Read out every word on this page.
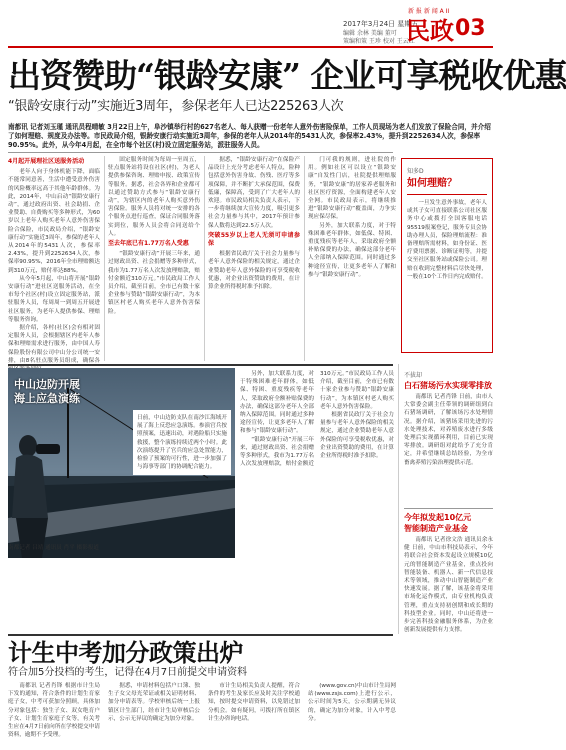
新 报 新 闻 A II
2017年3月24日 星期五
编辑 余林 美编 董可
策编和策 王珍 校对 王云红
民政 03
出资赞助“银龄安康” 企业可享税收优惠
“银龄安康行动”实施近3周年，参保老年人已达225263人次
南都讯 记者刘玉瑾 通讯员程晴敏 3月22日上午，阜沙镇举行村的627名老人、每人获赠一份老年人意外伤害险保单，工作人员现场为老人们发放了保险合同，并介绍了如何理赔、规度及办法等。市民政局介绍，银龄安康行动实施近3周年，参保的老年人从2014年的5431人次，参保率2.43%，提升到2252634人次，参保率90.95%。此外，从今年4月起，在全市每个社区(村)设立固定服务站，派驻服务人员。

4月起开展理社区送服务活动

老年人向于身体机能下降，面临不能常同意善，生活中遭受意外伤害的风险概率远高于其他年龄群体。为此，2014年，中山启动“银龄安康行动”，通过政府出资、社会助捐、企业赞助、自费购买等多种形式，为60岁以上老年人购买老年人意外伤害保险合保险，市民政局介绍，“银龄安康行动”实施近3周年，参保的老年人从2014年的5431人次，参保率2.43%，提升到2252634人次，参保率90.95%，2016年全市理赔额达到310万元，赔付率达88%。

从今年5月起，中山将开展“银龄安康行动”进社区送服务活动，在全市每个社区(村)设立固定服务站，派驻服务人员，每周周一到周五开展进社区服务，为老年人提供参保、理赔等服务咨询。

据介绍，各村(社区)会有相对固定服务人员，会根据辖区内老年人参保和理赔需求进行服务，由中国人寿保险股份有限公司中山分公司统一安排，由8名驻点服务员组成，确保各

固定服务时间为每周一至周五，驻点服务站将设在社区(村)，为老人提供参保咨询、理赔申报、政策宣传等服务。据悉，社会各界和企业都可以通过赞助方式参与“银龄安康行动”，为辖区内的老年人购买意外伤害保险。服务人员将对统一安排的各个服务点进行巡查，保证合同服务落实到位，服务人员会将合同送给个人。

至去年底已有1.77万名人受惠

“银龄安康行动”开展三年来，通过财政出资、社会捐赠等多种形式，我市为1.77万名人次发放理赔款，赔付金额近310万元。”市民政局工作人员介绍，截至目前，全市已有数十家企业参与赞助“银龄安康行动”，为本镇区村老人购买老年人意外伤害保险。

据悉，“银龄安康行动”在保险产品设计上充分考虑老年人特点，险种包括意外伤害身故、伤残、医疗等多项保障，并不断扩大承保范围，保费低廉，保障高，受到了广大老年人的欢迎。市民政局相关负责人表示，下一步将继续加大宣传力度，吸引更多社会力量参与其中，2017年预计参保人数将达到22.5万人次。

突破55岁以上老人无须可申请参保

根据省民政厅关于社会力量参与老年人意外保险的相关规定，通过企业赞助老年人意外保险的可享受税收优惠，对企业出资赞助的费用，在计算企业所得税时准予扣除。

门可我的规则，进社院的作用。例如社区可以设立“银龄安康”自发性门店，社院提供理赔服务，“银龄安康”的居家养老服务和社区医疗资源，全面构建老年人安全网。市民政局表示，将继续推进“银龄安康行动”覆盖面，力争实现应保尽保。

另外，加大联系力度，对于特殊困难老年群体，如低保、特困、重度残疾等老年人，采取政府全额补贴保费的办法，确保这部分老年人全部纳入保障范围。同时通过多种途径宣传，让更多老年人了解和参与“银龄安康行动”。

知多D
如何理赔？
一旦发生意外事故，老年人或其子女可直接联系公司社区服务中心或拨打全国客服电话95519报案登记，服务专员会协助办理人员，保险理赔流程：准备理赔所需材料，如身份证、医疗费用票据、诊断证明等，并提交至社区服务站或保险公司。理赔在收到完整材料后尽快处理，一般在10个工作日内完成赔付。
中山边防开展
海上应急演练
日前，中山边防支队在南沙江海域开展了海上反恐应急演练。参演官兵按照预案，迅速出动，对遇险船只实施救援，整个演练持续近两个小时。此次演练提升了官兵的应急处置能力，检验了预案的可行性，进一步加强了与海事等部门的协调配合能力。
南都记者 吕靖 通讯员 肖平 摄影报道
不拔却
白石猪场污水实现零排放

南都讯 记者肖锋 日前，由市人大常委会副主任带领的调研组到白石猪场调研，了解该场污水处理情况。据介绍，该猪场采用先进的污水处理技术，对养殖废水进行多级处理后实现循环利用，目前已实现零排放。调研组对此给予了充分肯定，并希望继续总结经验，为全市畜禽养殖污染治理提供示范。

今年拟发起10亿元
智能制造产业基金

南都讯 记者徐文浩 通讯员余永健 日前，中山市科技局表示，今年将联合社会资本发起设立规模10亿元的智能制造产业基金，重点投向智能装备、机器人、新一代信息技术等领域，推动中山智能制造产业快速发展。据了解，该基金将采用市场化运作模式，由专业机构负责管理，重点支持初创期和成长期的科技型企业。同时，中山还将进一步完善科技金融服务体系，为企业创新发展提供有力支撑。

另外，加大联系力度，对于特殊困难老年群体，如低保、特困、重度残疾等老年人，采取政府全额补贴保费的办法，确保这部分老年人全部纳入保障范围。同时通过多种途径宣传，让更多老年人了解和参与“银龄安康行动”。

“银龄安康行动”开展三年来，通过财政出资、社会捐赠等多种形式，我市为1.77万名人次发放理赔款，赔付金额近310万元。”市民政局工作人员介绍，截至目前，全市已有数十家企业参与赞助“银龄安康行动”，为本镇区村老人购买老年人意外伤害保险。

根据省民政厅关于社会力量参与老年人意外保险的相关规定，通过企业赞助老年人意外保险的可享受税收优惠，对企业出资赞助的费用，在计算企业所得税时准予扣除。

计生中考加分政策出炉
符合加5分投档的考生，记得在4月7日前提交申请资料

南都讯 记者肖锋 根据市计生局下发的通知，符合条件的计划生育家庭子女，中考可获加分照顾，具体加分对象包括：独生子女、双女绝育户子女、计划生育家庭子女等，有关考生应在4月7日前向所在学校提交申请资料，逾期不予受理。

据悉，申请材料包括户口簿、独生子女父母光荣证或相关证明材料、加分申请表等。学校审核后统一上报镇区计生部门，经市计生局审核后公示，公示无异议的确定为加分对象。

市计生局相关负责人提醒，符合条件的考生及家长应及时关注学校通知，按时提交申请资料，以免错过加分机会。如有疑问，可拨打所在镇区计生办咨询电话。

(www.gov.cn)中山市计生局网站(www.zsjs.com)上进行公示，公示时间为5天，公示期满无异议的，确定为加分对象，计入中考总分。
